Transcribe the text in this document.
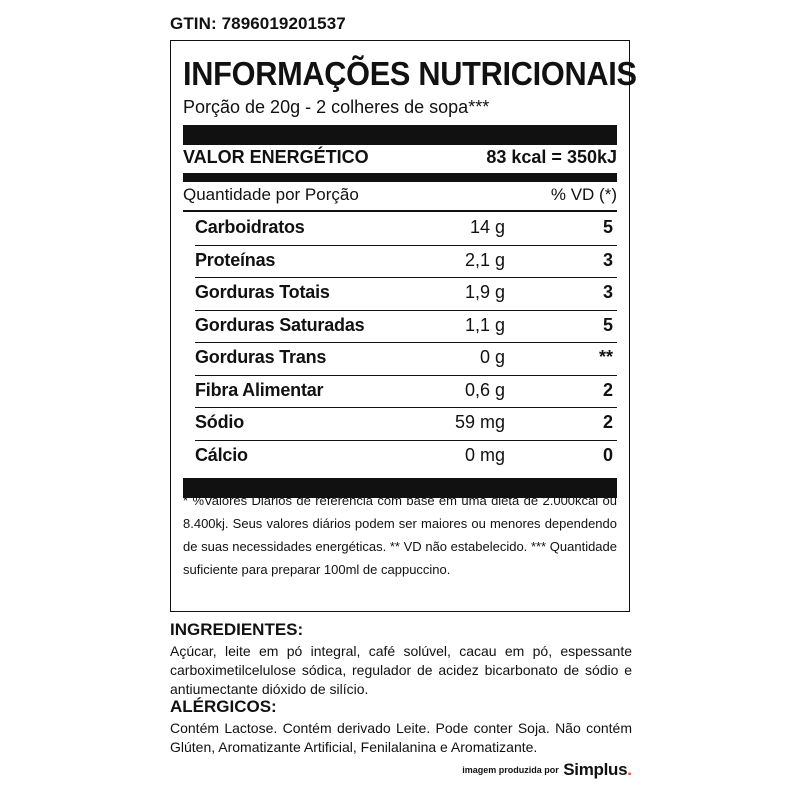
GTIN: 7896019201537
INFORMAÇÕES NUTRICIONAIS
Porção de 20g - 2 colheres de sopa***
VALOR ENERGÉTICO	83 kcal = 350kJ
Quantidade por Porção	% VD (*)
Carboidratos	14 g	5
Proteínas	2,1 g	3
Gorduras Totais	1,9 g	3
Gorduras Saturadas	1,1 g	5
Gorduras Trans	0 g	**
Fibra Alimentar	0,6 g	2
Sódio	59 mg	2
Cálcio	0 mg	0
* %Valores Diários de referência com base em uma dieta de 2.000kcal ou 8.400kj. Seus valores diários podem ser maiores ou menores dependendo de suas necessidades energéticas. ** VD não estabelecido. *** Quantidade suficiente para preparar 100ml de cappuccino.
INGREDIENTES:
Açúcar, leite em pó integral, café solúvel, cacau em pó, espessante carboximetilcelulose sódica, regulador de acidez bicarbonato de sódio e antiumectante dióxido de silício.
ALÉRGICOS:
Contém Lactose. Contém derivado Leite. Pode conter Soja. Não contém Glúten, Aromatizante Artificial, Fenilalanina e Aromatizante.
imagem produzida por Simplus.
